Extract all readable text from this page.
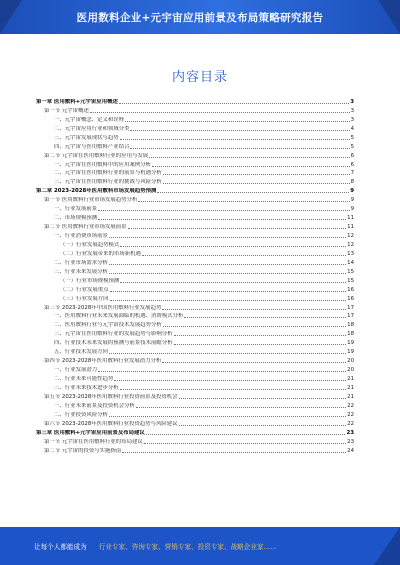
医用数料企业+元宇宙应用前景及布局策略研究报告
内容目录
第一章 医用敷料+元宇宙应用概述	3
第一节 元宇宙概述	3
一、元宇宙概念、定义和诠释	3
二、元宇宙应用行业和领域分类	4
三、元宇宙发展现状与趋势	5
四、元宇宙与医用敷料产业结合	5
第二节 元宇宙在医用敷料行业的应用与发展	6
一、元宇宙在医用敷料中的应用案例分析	6
二、元宇宙在医用敷料行业的前景与机遇分析	7
三、元宇宙在医用敷料行业的挑战与风险分析	8
第二章 2023-2028年医用敷料市场发展趋势预测	9
第一节 医用敷料行业市场发展趋势分析	9
一、行业发展前景	9
二、市场规模预测	11
第二节 医用敷料行业市场发展前景	11
一、行业消费市场前景	12
（一）行业发展趋势模式	12
（二）行业发展带来的市场新机遇	13
二、行业市场需求分析	14
三、行业未来发展分析	15
（一）行业市场规模预测	15
（二）行业发展重点	16
（三）行业发展方向	16
第三节 2023-2028年中国医用敷料行业发展趋势	17
一、医用敷料行业未来发展面临的机遇、消费模式分析	17
二、医用敷料行业与元宇宙技术发展趋势分析	18
三、元宇宙在医用敷料行业的发展趋势与影响分析	18
四、行业技术未来发展的预测与前景技术前瞻分析	19
五、行业技术发展方向	19
第四节 2023-2028年医用敷料行业发展潜力分析	20
一、行业发展潜力	20
二、行业未来可能性趋势	21
三、行业未来技术进步分析	21
第五节 2023-2028年医用敷料行业投资前景及投资机会	21
一、行业未来前景及投资机会分析	22
二、行业投资风险分析	22
第六节 2023-2028年医用敷料行业投资趋势与风险建议	22
第三章 医用敷料+元宇宙应用前景及布局建议	23
第一节 元宇宙在医用敷料行业的布局建议	23
第二节 元宇宙的投资与实施指南	24
让每个人都能成为 行业专家、咨询专家、营销专家、投资专家、战略企业家……
